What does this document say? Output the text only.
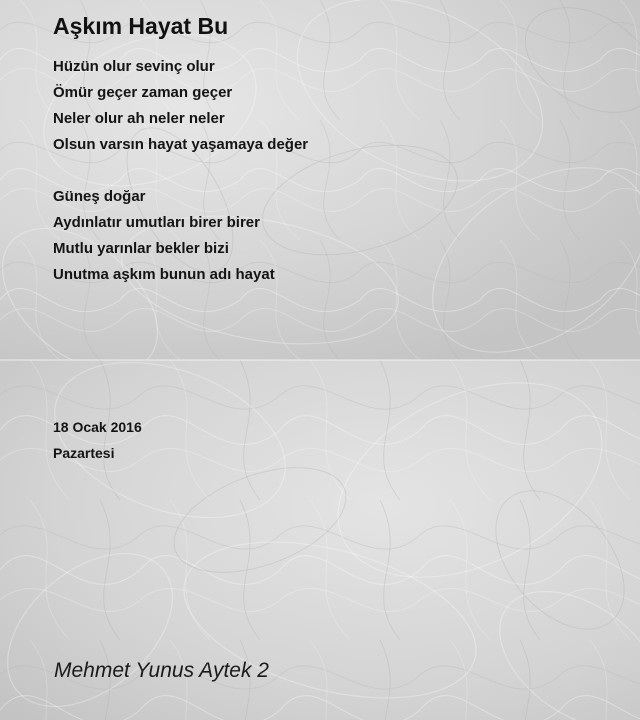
Aşkım Hayat Bu
Hüzün olur sevinç olur
Ömür geçer zaman geçer
Neler olur ah neler neler
Olsun varsın hayat yaşamaya değer
Güneş doğar
Aydınlatır umutları birer birer
Mutlu yarınlar bekler bizi
Unutma aşkım bunun adı hayat
18 Ocak 2016
Pazartesi
Mehmet Yunus Aytek 2
